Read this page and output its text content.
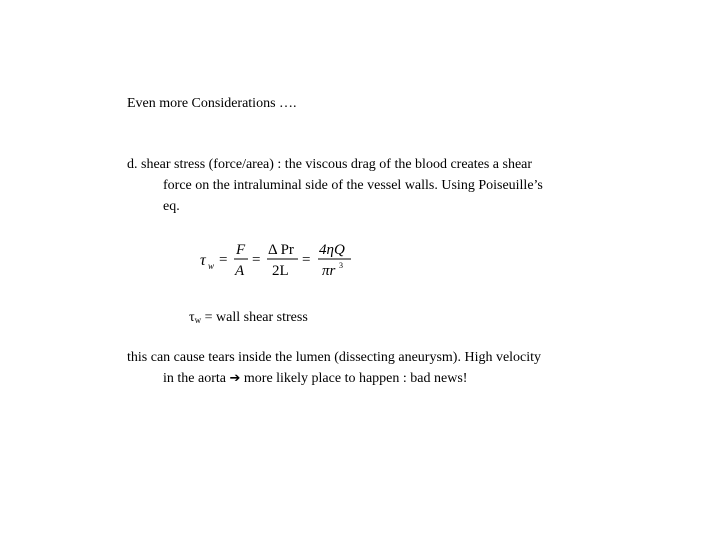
Even more Considerations ….
d. shear stress (force/area) : the viscous drag of the blood creates a shear
force on the intraluminal side of the vessel walls. Using Poiseuille’s
eq.
τ w =
F
A
=
Δ Pr
2L
=
4ηQ
πr 3
$\tau_w$ = wall shear stress
this can cause tears inside the lumen (dissecting aneurysm). High velocity
in the aorta ➔ more likely place to happen : bad news!
